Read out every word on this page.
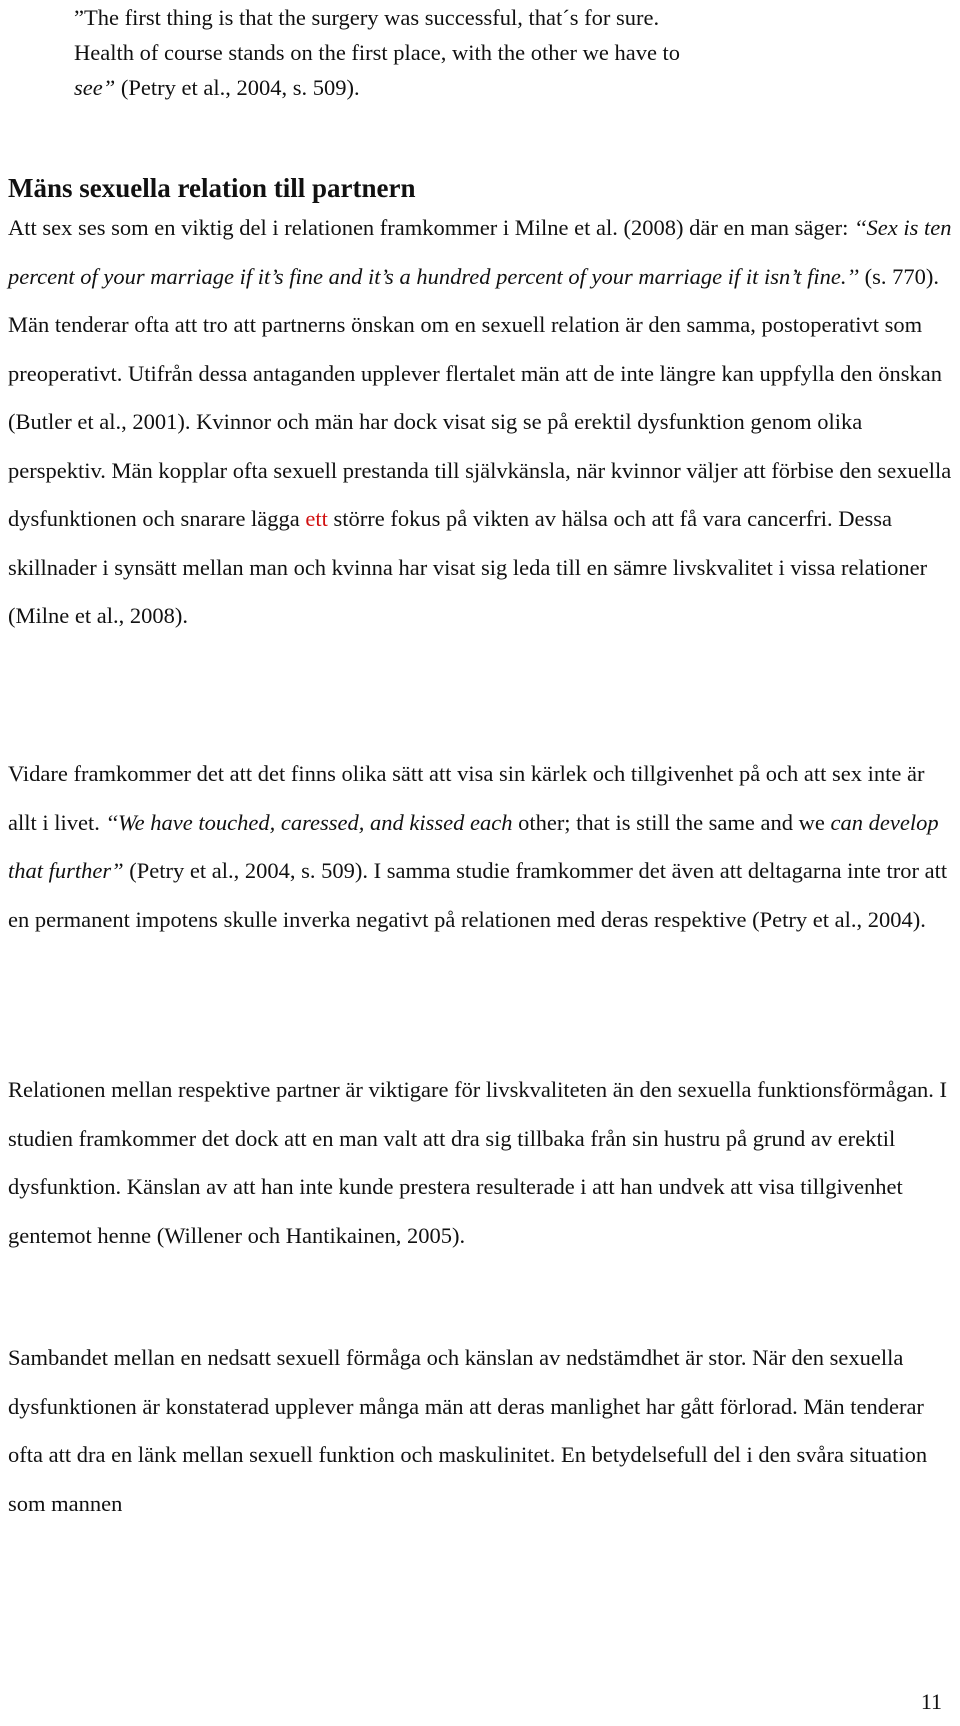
”The first thing is that the surgery was successful, that´s for sure.

Health of course stands on the first place, with the other we have to

see” (Petry et al., 2004, s. 509).

Mäns sexuella relation till partnern

Att sex ses som en viktig del i relationen framkommer i Milne et al. (2008) där en man säger: ‘‘Sex is ten percent of your marriage if it’s fine and it’s a hundred percent of your marriage if it isn’t fine.’’ (s. 770). Män tenderar ofta att tro att partnerns önskan om en sexuell relation är den samma, postoperativt som preoperativt. Utifrån dessa antaganden upplever flertalet män att de inte längre kan uppfylla den önskan (Butler et al., 2001). Kvinnor och män har dock visat sig se på erektil dysfunktion genom olika perspektiv. Män kopplar ofta sexuell prestanda till självkänsla, när kvinnor väljer att förbise den sexuella dysfunktionen och snarare lägga ett större fokus på vikten av hälsa och att få vara cancerfri. Dessa skillnader i synsätt mellan man och kvinna har visat sig leda till en sämre livskvalitet i vissa relationer (Milne et al., 2008).

Vidare framkommer det att det finns olika sätt att visa sin kärlek och tillgivenhet på och att sex inte är allt i livet. ‘‘We have touched, caressed, and kissed each other; that is still the same and we can develop that further” (Petry et al., 2004, s. 509). I samma studie framkommer det även att deltagarna inte tror att en permanent impotens skulle inverka negativt på relationen med deras respektive (Petry et al., 2004).

Relationen mellan respektive partner är viktigare för livskvaliteten än den sexuella funktionsförmågan. I studien framkommer det dock att en man valt att dra sig tillbaka från sin hustru på grund av erektil dysfunktion. Känslan av att han inte kunde prestera resulterade i att han undvek att visa tillgivenhet gentemot henne (Willener och Hantikainen, 2005).

Sambandet mellan en nedsatt sexuell förmåga och känslan av nedstämdhet är stor. När den sexuella dysfunktionen är konstaterad upplever många män att deras manlighet har gått förlorad. Män tenderar ofta att dra en länk mellan sexuell funktion och maskulinitet. En betydelsefull del i den svåra situation som mannen

11
